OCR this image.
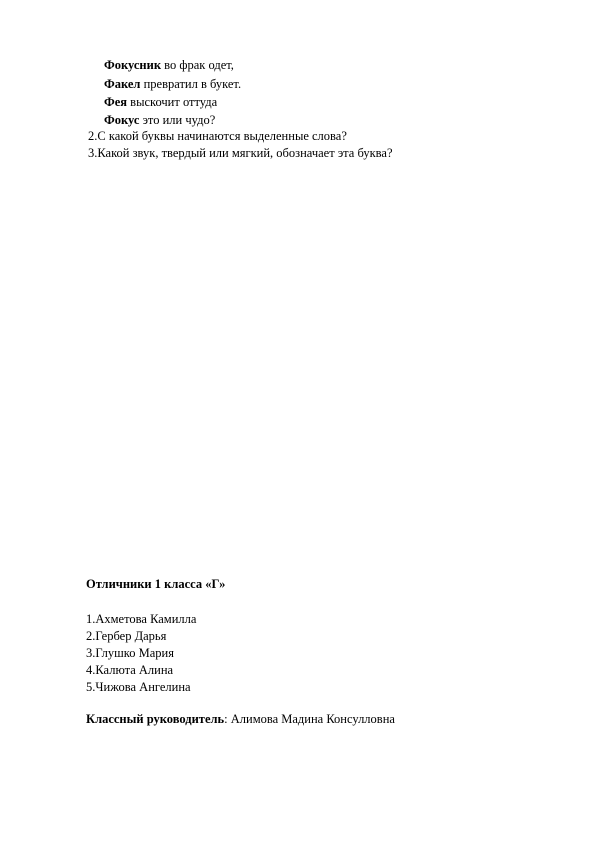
Фокусник во фрак одет,
Факел превратил в букет.
Фея выскочит оттуда
Фокус это или чудо?
2.С какой буквы начинаются выделенные слова?
3.Какой звук, твердый или мягкий, обозначает эта буква?
Отличники 1 класса «Г»
1.Ахметова Камилла
2.Гербер Дарья
3.Глушко Мария
4.Калюта Алина
5.Чижова Ангелина
Классный руководитель: Алимова Мадина Консулловна
